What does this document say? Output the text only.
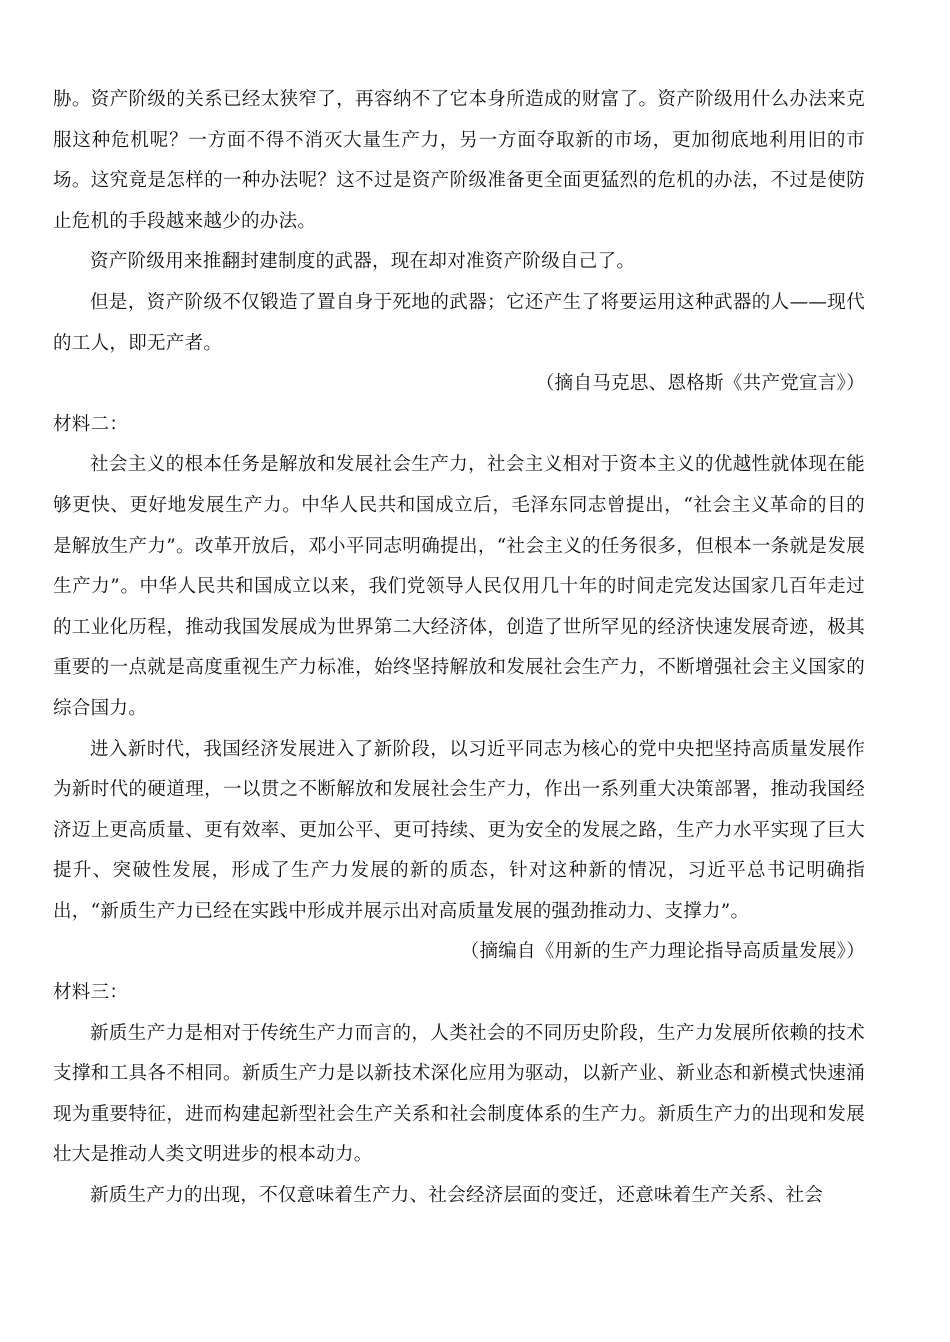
胁。资产阶级的关系已经太狭窄了，再容纳不了它本身所造成的财富了。资产阶级用什么办法来克服这种危机呢？一方面不得不消灭大量生产力，另一方面夺取新的市场，更加彻底地利用旧的市场。这究竟是怎样的一种办法呢？这不过是资产阶级准备更全面更猛烈的危机的办法，不过是使防止危机的手段越来越少的办法。

资产阶级用来推翻封建制度的武器，现在却对准资产阶级自己了。

但是，资产阶级不仅锻造了置自身于死地的武器；它还产生了将要运用这种武器的人——现代的工人，即无产者。

（摘自马克思、恩格斯《共产党宣言》）

材料二：

社会主义的根本任务是解放和发展社会生产力，社会主义相对于资本主义的优越性就体现在能够更快、更好地发展生产力。中华人民共和国成立后，毛泽东同志曾提出，“社会主义革命的目的是解放生产力”。改革开放后，邓小平同志明确提出，“社会主义的任务很多，但根本一条就是发展生产力”。中华人民共和国成立以来，我们党领导人民仅用几十年的时间走完发达国家几百年走过的工业化历程，推动我国发展成为世界第二大经济体，创造了世所罕见的经济快速发展奇迹，极其重要的一点就是高度重视生产力标准，始终坚持解放和发展社会生产力，不断增强社会主义国家的综合国力。

进入新时代，我国经济发展进入了新阶段，以习近平同志为核心的党中央把坚持高质量发展作为新时代的硬道理，一以贯之不断解放和发展社会生产力，作出一系列重大决策部署，推动我国经济迈上更高质量、更有效率、更加公平、更可持续、更为安全的发展之路，生产力水平实现了巨大提升、突破性发展，形成了生产力发展的新的质态，针对这种新的情况，习近平总书记明确指出，“新质生产力已经在实践中形成并展示出对高质量发展的强劲推动力、支撑力”。

（摘编自《用新的生产力理论指导高质量发展》）

材料三：

新质生产力是相对于传统生产力而言的，人类社会的不同历史阶段，生产力发展所依赖的技术支撑和工具各不相同。新质生产力是以新技术深化应用为驱动，以新产业、新业态和新模式快速涌现为重要特征，进而构建起新型社会生产关系和社会制度体系的生产力。新质生产力的出现和发展壮大是推动人类文明进步的根本动力。

新质生产力的出现，不仅意味着生产力、社会经济层面的变迁，还意味着生产关系、社会
